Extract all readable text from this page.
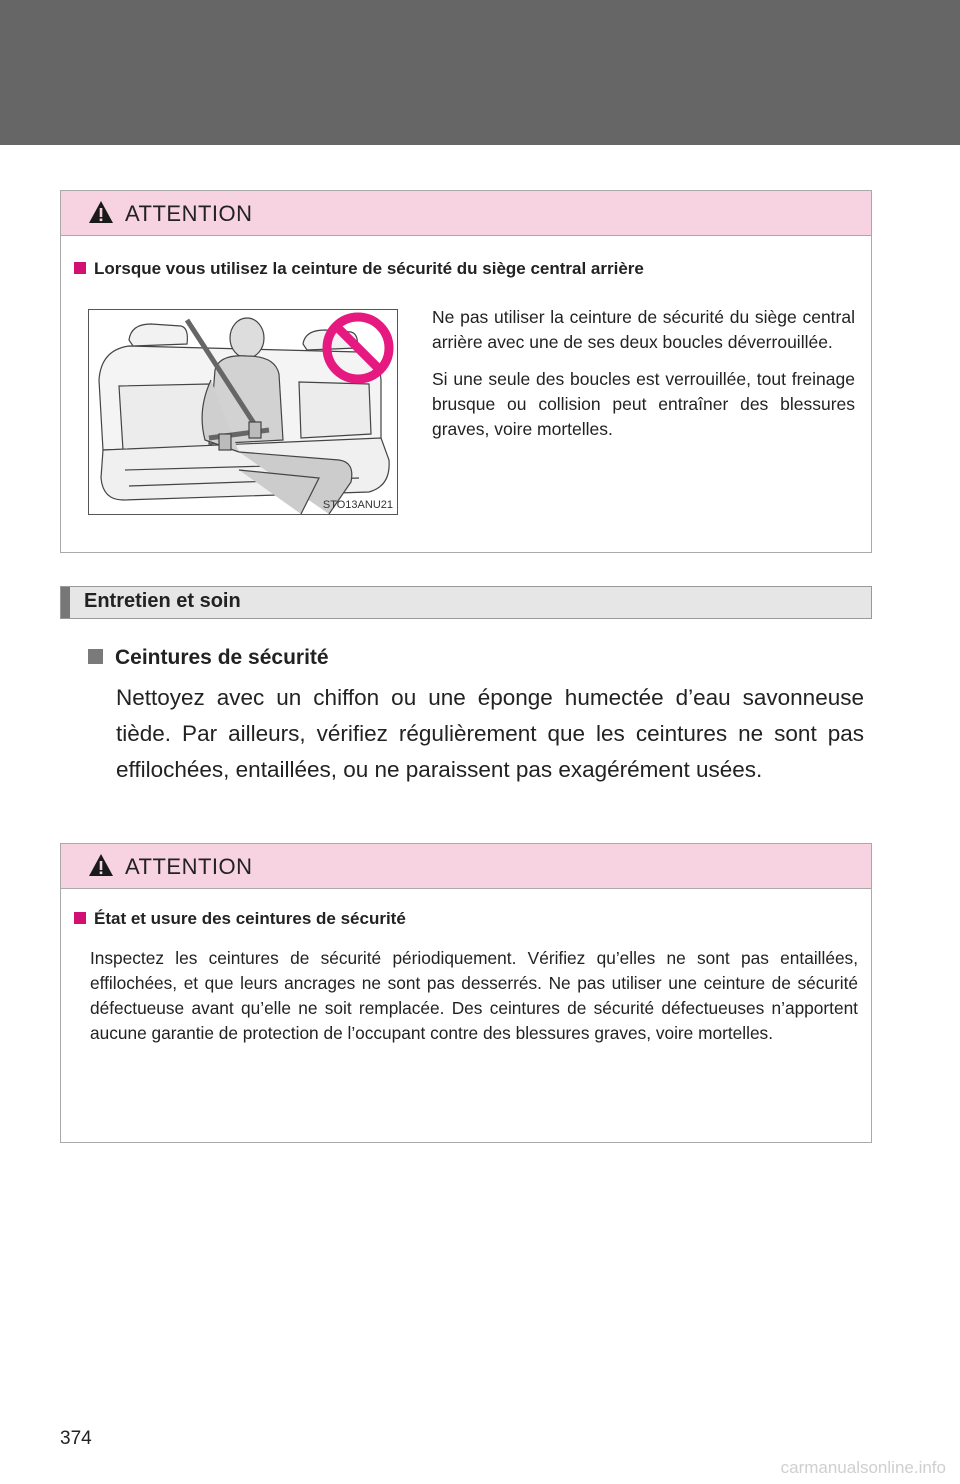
ATTENTION
Lorsque vous utilisez la ceinture de sécurité du siège central arrière
STO13ANU21

Ne pas utiliser la ceinture de sécurité du siège central arrière avec une de ses deux boucles déverrouillée.

Si une seule des boucles est verrouillée, tout freinage brusque ou collision peut entraîner des blessures graves, voire mortelles.

Entretien et soin
Ceintures de sécurité
Nettoyez avec un chiffon ou une éponge humectée d’eau savonneuse tiède. Par ailleurs, vérifiez régulièrement que les ceintures ne sont pas effilochées, entaillées, ou ne paraissent pas exagérément usées.
ATTENTION
État et usure des ceintures de sécurité
Inspectez les ceintures de sécurité périodiquement. Vérifiez qu’elles ne sont pas entaillées, effilochées, et que leurs ancrages ne sont pas desserrés. Ne pas utiliser une ceinture de sécurité défectueuse avant qu’elle ne soit remplacée. Des ceintures de sécurité défectueuses n’apportent aucune garantie de protection de l’occupant contre des blessures graves, voire mortelles.
374
carmanualsonline.info
